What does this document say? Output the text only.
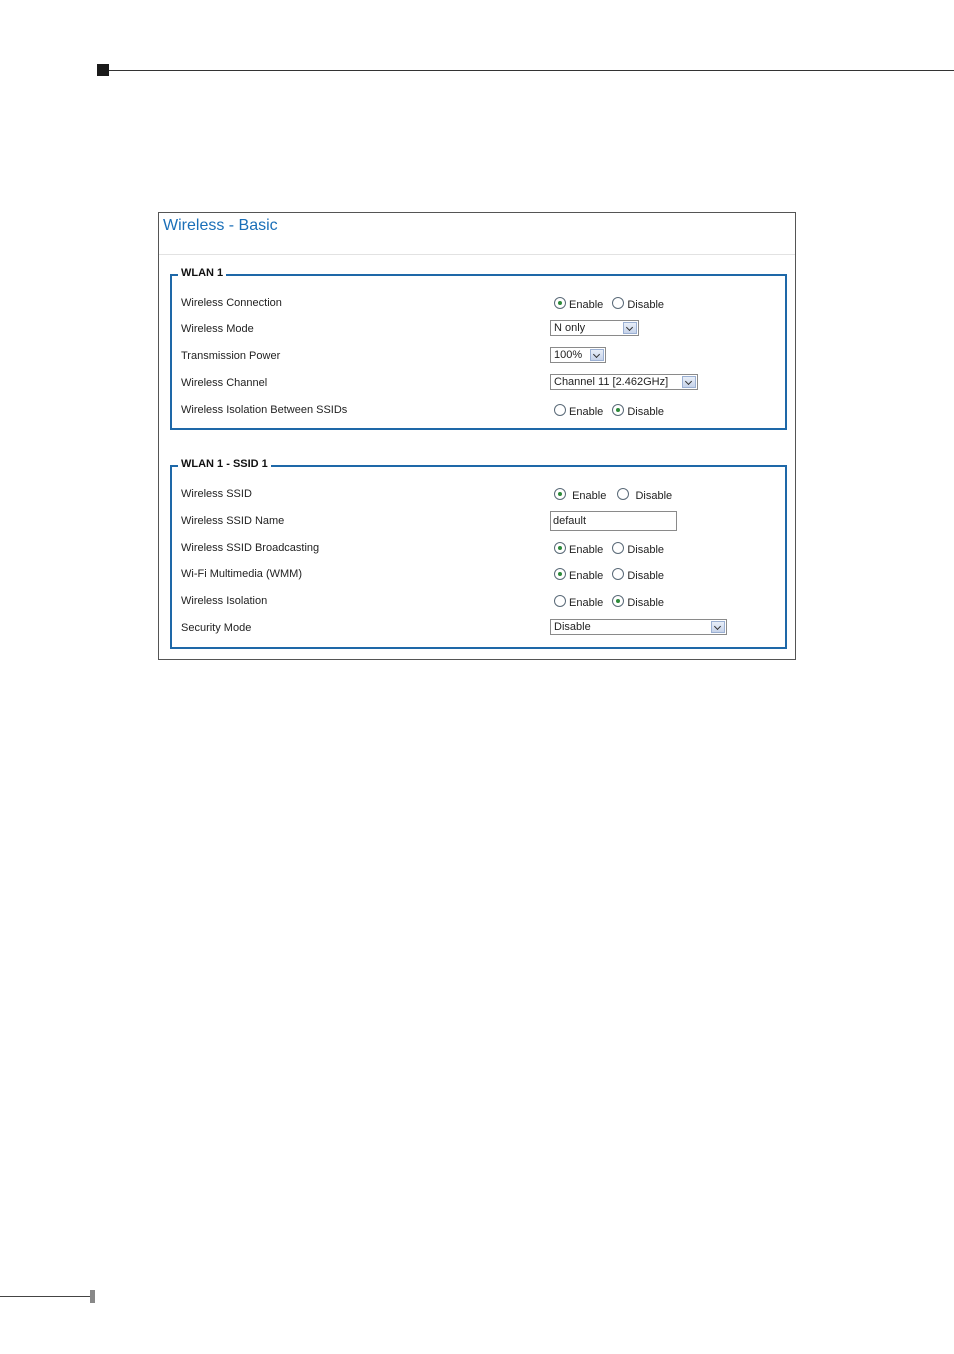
Wireless - Basic
WLAN 1
Wireless Connection	Enable Disable
Wireless Mode	N only
Transmission Power	100%
Wireless Channel	Channel 11 [2.462GHz]
Wireless Isolation Between SSIDs	Enable Disable
WLAN 1 - SSID 1
Wireless SSID	Enable	Disable
Wireless SSID Name	default
Wireless SSID Broadcasting	Enable Disable
Wi-Fi Multimedia (WMM)	Enable Disable
Wireless Isolation	Enable Disable
Security Mode	Disable
